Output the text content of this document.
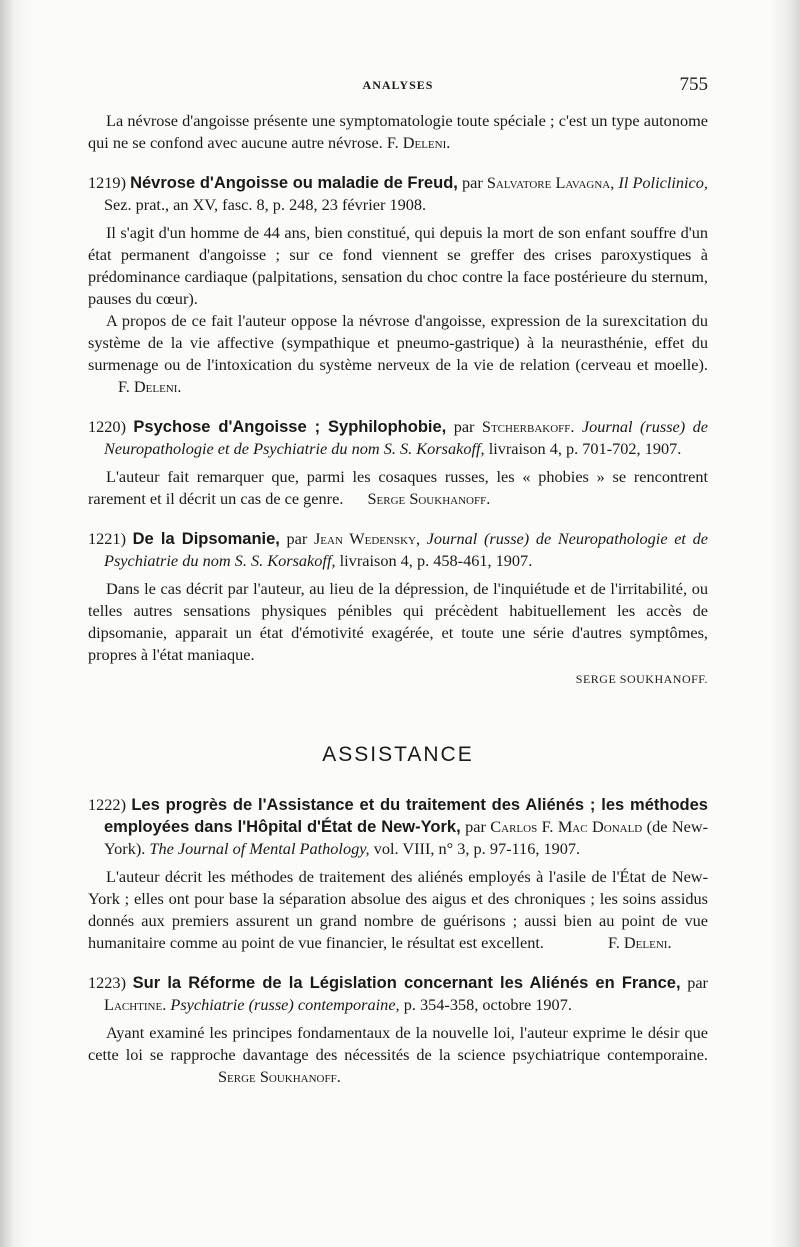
ANALYSES	755

La névrose d'angoisse présente une symptomatologie toute spéciale ; c'est un type autonome qui ne se confond avec aucune autre névrose. F. Deleni.

1219) Névrose d'Angoisse ou maladie de Freud, par Salvatore Lavagna, Il Policlinico, Sez. prat., an XV, fasc. 8, p. 248, 23 février 1908.

Il s'agit d'un homme de 44 ans, bien constitué, qui depuis la mort de son enfant souffre d'un état permanent d'angoisse ; sur ce fond viennent se greffer des crises paroxystiques à prédominance cardiaque (palpitations, sensation du choc contre la face postérieure du sternum, pauses du cœur).

A propos de ce fait l'auteur oppose la névrose d'angoisse, expression de la surexcitation du système de la vie affective (sympathique et pneumo-gastrique) à la neurasthénie, effet du surmenage ou de l'intoxication du système nerveux de la vie de relation (cerveau et moelle). F. Deleni.

1220) Psychose d'Angoisse ; Syphilophobie, par Stcherbakoff. Journal (russe) de Neuropathologie et de Psychiatrie du nom S. S. Korsakoff, livraison 4, p. 701-702, 1907.

L'auteur fait remarquer que, parmi les cosaques russes, les « phobies » se rencontrent rarement et il décrit un cas de ce genre. Serge Soukhanoff.

1221) De la Dipsomanie, par Jean Wedensky, Journal (russe) de Neuropathologie et de Psychiatrie du nom S. S. Korsakoff, livraison 4, p. 458-461, 1907.

Dans le cas décrit par l'auteur, au lieu de la dépression, de l'inquiétude et de l'irritabilité, ou telles autres sensations physiques pénibles qui précèdent habituellement les accès de dipsomanie, apparait un état d'émotivité exagérée, et toute une série d'autres symptômes, propres à l'état maniaque.

SERGE SOUKHANOFF.
ASSISTANCE

1222) Les progrès de l'Assistance et du traitement des Aliénés ; les méthodes employées dans l'Hôpital d'État de New-York, par Carlos F. Mac Donald (de New-York). The Journal of Mental Pathology, vol. VIII, n° 3, p. 97-116, 1907.

L'auteur décrit les méthodes de traitement des aliénés employés à l'asile de l'État de New-York ; elles ont pour base la séparation absolue des aigus et des chroniques ; les soins assidus donnés aux premiers assurent un grand nombre de guérisons ; aussi bien au point de vue humanitaire comme au point de vue financier, le résultat est excellent.	F. Deleni.

1223) Sur la Réforme de la Législation concernant les Aliénés en France, par Lachtine. Psychiatrie (russe) contemporaine, p. 354-358, octobre 1907.

Ayant examiné les principes fondamentaux de la nouvelle loi, l'auteur exprime le désir que cette loi se rapproche davantage des nécessités de la science psychiatrique contemporaine. Serge Soukhanoff.
